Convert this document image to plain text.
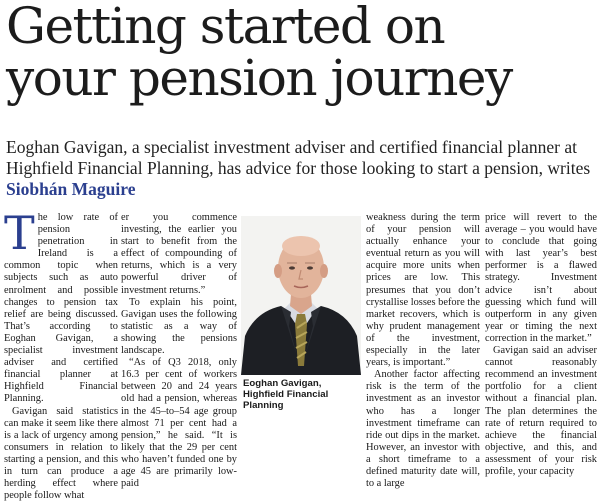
Getting started on
your pension journey

Eoghan Gavigan, a specialist investment adviser and certified financial planner at Highfield Financial Planning, has advice for those looking to start a pension, writes Siobhán Maguire

T he low rate of pension penetration in Ireland is a common topic when subjects such as auto enrolment and possible changes to pension tax relief are being discussed. That’s according to Eoghan Gavigan, a specialist investment adviser and certified financial planner at Highfield Financial Planning.

Gavigan said statistics can make it seem like there is a lack of urgency among consumers in relation to starting a pension, and this in turn can produce a herding effect where people follow what

er you commence investing, the earlier you start to benefit from the effect of compounding of returns, which is a very powerful driver of investment returns.”

To explain his point, Gavigan uses the following statistic as a way of showing the pensions landscape.

“As of Q3 2018, only 16.3 per cent of workers between 20 and 24 years old had a pension, whereas in the 45–to–54 age group almost 71 per cent had a pension,” he said. “It is likely that the 29 per cent who haven’t funded one by age 45 are primarily low-paid

Eoghan Gavigan, Highfield Financial Planning

weakness during the term of your pension will actually enhance your eventual return as you will acquire more units when prices are low. This presumes that you don’t crystallise losses before the market recovers, which is why prudent management of the investment, especially in the later years, is important.”

Another factor affecting risk is the term of the investment as an investor who has a longer investment timeframe can ride out dips in the market. However, an investor with a short timeframe to a defined maturity date will, to a large

price will revert to the average – you would have to conclude that going with last year’s best performer is a flawed strategy. Investment advice isn’t about guessing which fund will outperform in any given year or timing the next correction in the market.”

Gavigan said an adviser cannot reasonably recommend an investment portfolio for a client without a financial plan. The plan determines the rate of return required to achieve the financial objective, and this, and assessment of your risk profile, your capacity
